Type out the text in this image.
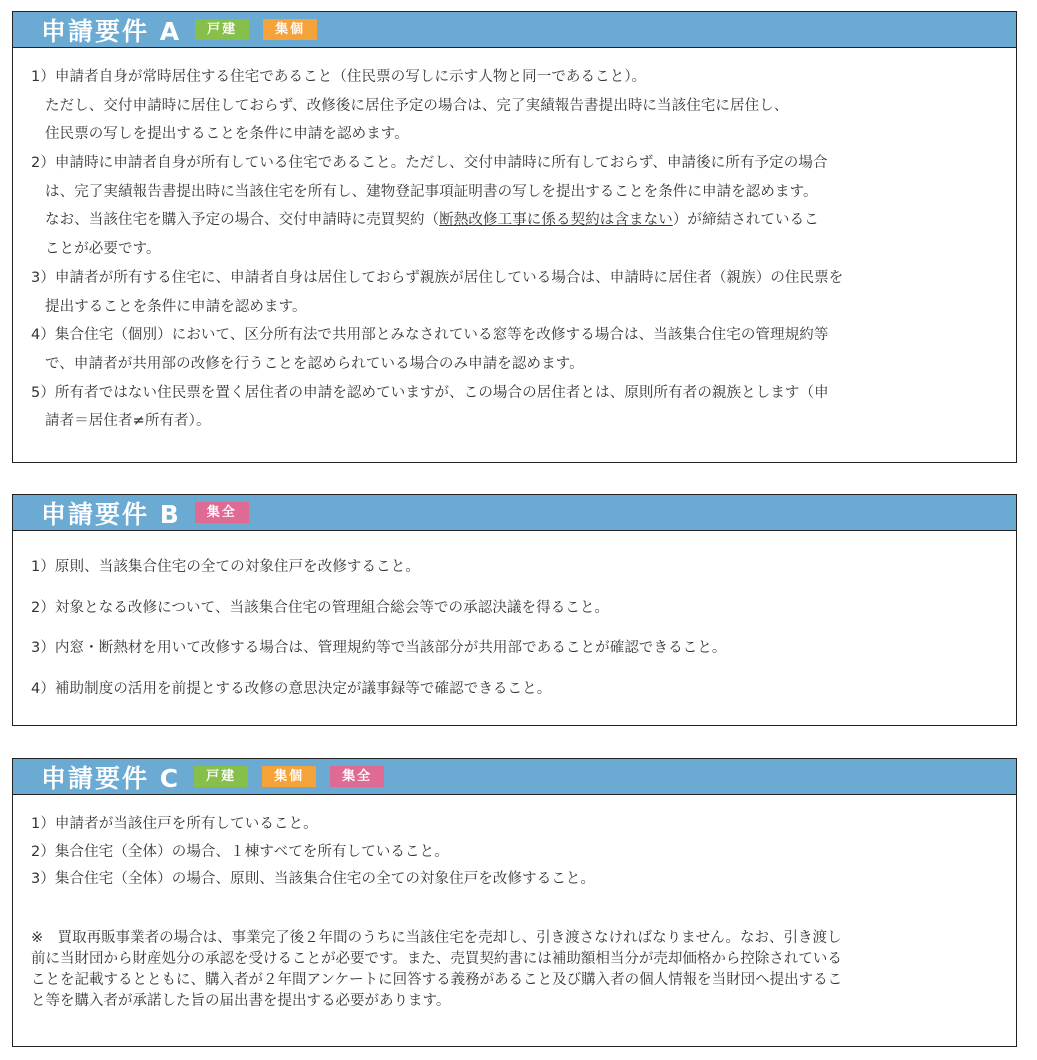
申請要件 A	戸建	集個
1）申請者自身が常時居住する住宅であること（住民票の写しに示す人物と同一であること）。
ただし、交付申請時に居住しておらず、改修後に居住予定の場合は、完了実績報告書提出時に当該住宅に居住し、
住民票の写しを提出することを条件に申請を認めます。
2）申請時に申請者自身が所有している住宅であること。ただし、交付申請時に所有しておらず、申請後に所有予定の場合
は、完了実績報告書提出時に当該住宅を所有し、建物登記事項証明書の写しを提出することを条件に申請を認めます。
なお、当該住宅を購入予定の場合、交付申請時に売買契約（断熱改修工事に係る契約は含まない）が締結されているこ
ことが必要です。
3）申請者が所有する住宅に、申請者自身は居住しておらず親族が居住している場合は、申請時に居住者（親族）の住民票を
提出することを条件に申請を認めます。
4）集合住宅（個別）において、区分所有法で共用部とみなされている窓等を改修する場合は、当該集合住宅の管理規約等
で、申請者が共用部の改修を行うことを認められている場合のみ申請を認めます。
5）所有者ではない住民票を置く居住者の申請を認めていますが、この場合の居住者とは、原則所有者の親族とします（申
請者＝居住者≠所有者）。
申請要件 B	集全
1）原則、当該集合住宅の全ての対象住戸を改修すること。
2）対象となる改修について、当該集合住宅の管理組合総会等での承認決議を得ること。
3）内窓・断熱材を用いて改修する場合は、管理規約等で当該部分が共用部であることが確認できること。
4）補助制度の活用を前提とする改修の意思決定が議事録等で確認できること。
申請要件 C	戸建	集個	集全
1）申請者が当該住戸を所有していること。
2）集合住宅（全体）の場合、１棟すべてを所有していること。
3）集合住宅（全体）の場合、原則、当該集合住宅の全ての対象住戸を改修すること。
※　買取再販事業者の場合は、事業完了後２年間のうちに当該住宅を売却し、引き渡さなければなりません。なお、引き渡し
前に当財団から財産処分の承認を受けることが必要です。また、売買契約書には補助額相当分が売却価格から控除されている
ことを記載するとともに、購入者が２年間アンケートに回答する義務があること及び購入者の個人情報を当財団へ提出するこ
と等を購入者が承諾した旨の届出書を提出する必要があります。
